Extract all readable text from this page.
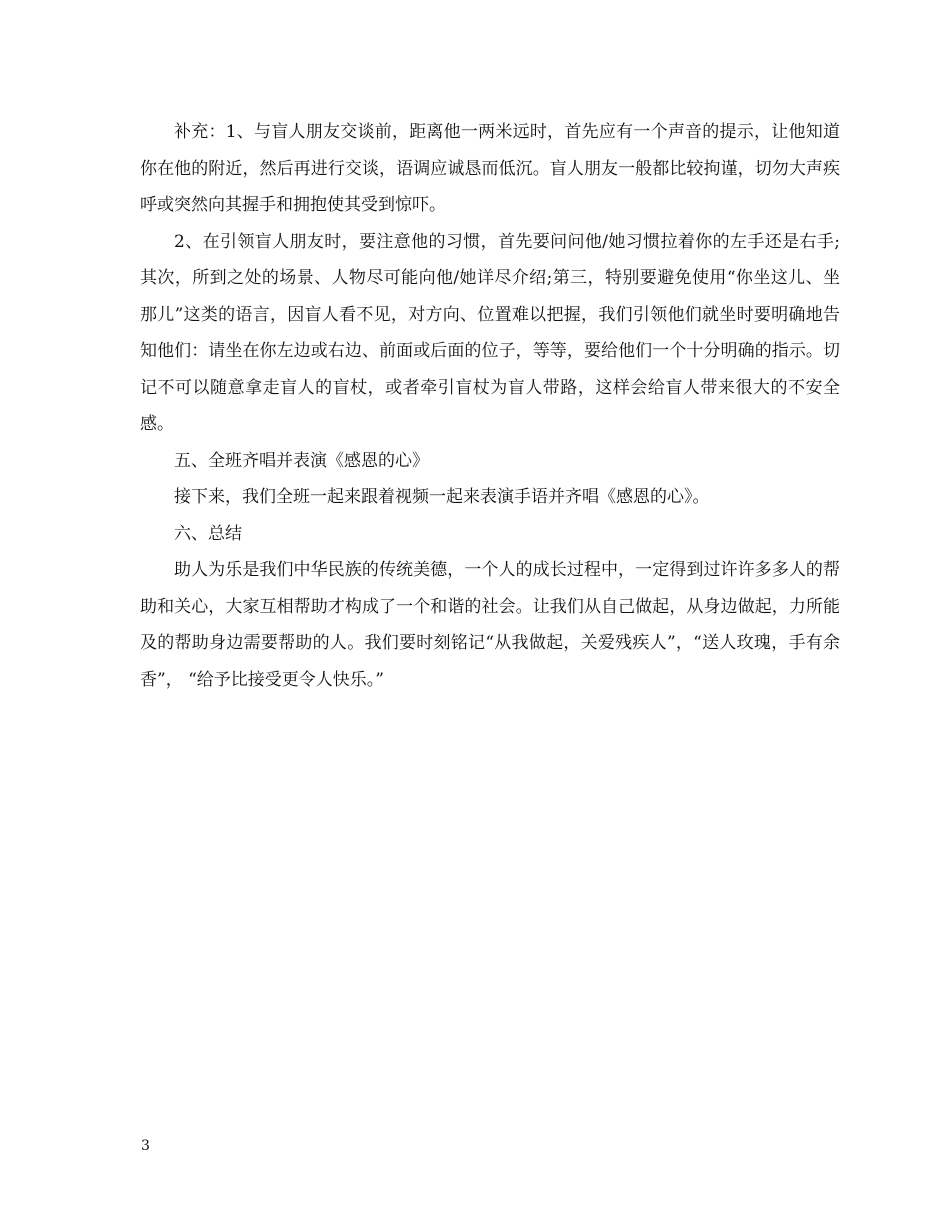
补充：1、与盲人朋友交谈前，距离他一两米远时，首先应有一个声音的提示，让他知道你在他的附近，然后再进行交谈，语调应诚恳而低沉。盲人朋友一般都比较拘谨，切勿大声疾呼或突然向其握手和拥抱使其受到惊吓。

2、在引领盲人朋友时，要注意他的习惯，首先要问问他/她习惯拉着你的左手还是右手;其次，所到之处的场景、人物尽可能向他/她详尽介绍;第三，特别要避免使用“你坐这儿、坐那儿”这类的语言，因盲人看不见，对方向、位置难以把握，我们引领他们就坐时要明确地告知他们：请坐在你左边或右边、前面或后面的位子，等等，要给他们一个十分明确的指示。切记不可以随意拿走盲人的盲杖，或者牵引盲杖为盲人带路，这样会给盲人带来很大的不安全感。

五、全班齐唱并表演《感恩的心》

接下来，我们全班一起来跟着视频一起来表演手语并齐唱《感恩的心》。

六、总结

助人为乐是我们中华民族的传统美德，一个人的成长过程中，一定得到过许许多多人的帮助和关心，大家互相帮助才构成了一个和谐的社会。让我们从自己做起，从身边做起，力所能及的帮助身边需要帮助的人。我们要时刻铭记“从我做起，关爱残疾人”，“送人玫瑰，手有余香”， “给予比接受更令人快乐。”

3
